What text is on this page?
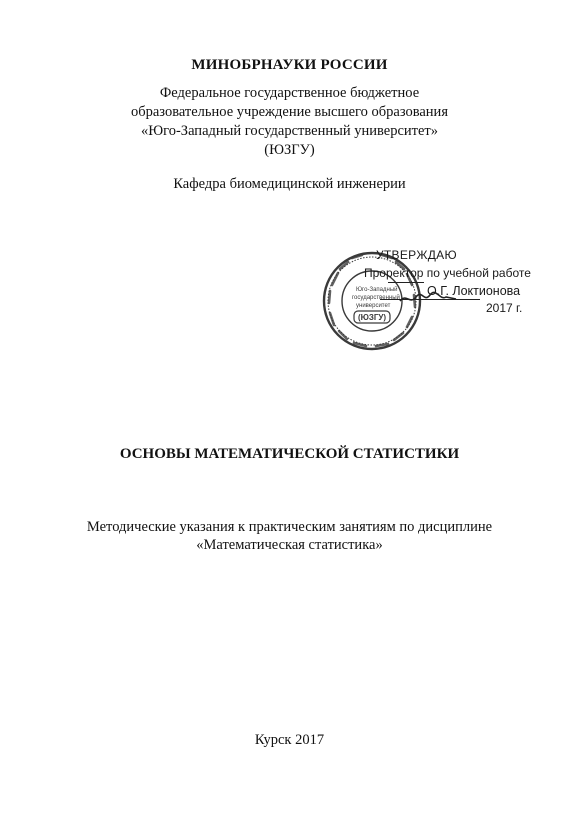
МИНОБРНАУКИ РОССИИ
Федеральное государственное бюджетное
образовательное учреждение высшего образования
«Юго-Западный государственный университет»
(ЮЗГУ)
Кафедра биомедицинской инженерии
Юго-Западный
государственный
университет
(ЮЗГУ)
УТВЕРЖДАЮ
Проректор по учебной работе
О.Г. Локтионова
2017 г.
ОСНОВЫ МАТЕМАТИЧЕСКОЙ СТАТИСТИКИ
Методические указания к практическим занятиям по дисциплине
«Математическая статистика»
Курск 2017
